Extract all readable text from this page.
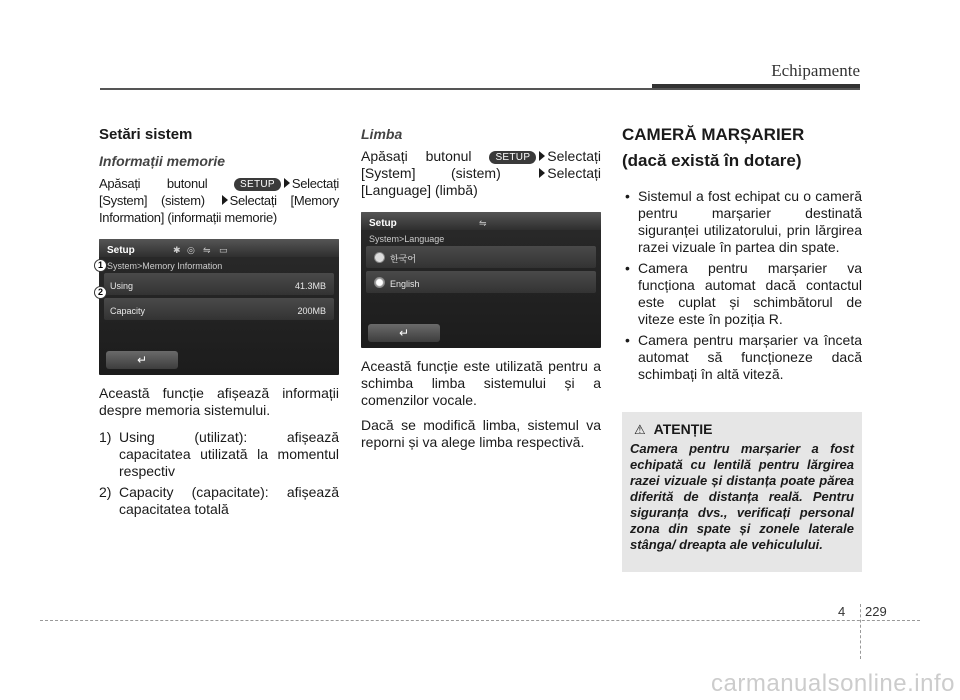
Echipamente
Setări sistem
Informații memorie

Apăsați butonul	SETUP Selectați [System] (sistem) Selectați [Memory Information] (informații memorie)

Setup	✱ ◎ ⇋ ▭
System>Memory Information
Using	41.3MB
Capacity	200MB
↵

Această funcție afișează informații despre memoria sistemului.

1) Using (utilizat): afișează capacitatea utilizată la momentul respectiv
2) Capacity (capacitate): afișează capacitatea totală
1
2
Limba

Apăsați butonul SETUP Selectați [System] (sistem)	Selectați [Language] (limbă)

Setup	⇋
System>Language
한국어
English
↵

Această funcție este utilizată pentru a schimba limba sistemului și a comenzilor vocale.

Dacă se modifică limba, sistemul va reporni și va alege limba respectivă.

CAMERĂ MARȘARIER
(dacă există în dotare)
• Sistemul a fost echipat cu o cameră pentru marșarier destinată siguranței utilizatorului, prin lărgirea razei vizuale în partea din spate.
• Camera pentru marșarier va funcționa automat dacă contactul este cuplat și schimbătorul de viteze este în poziția R.
• Camera pentru marșarier va înceta automat să funcționeze dacă schimbați în altă viteză.
⚠ ATENȚIE
Camera pentru marșarier a fost echipată cu lentilă pentru lărgirea razei vizuale și distanța poate părea diferită de distanța reală. Pentru siguranța dvs., verificați personal zona din spate și zonele laterale stânga/ dreapta ale vehiculului.
4 229
carmanualsonline.info
